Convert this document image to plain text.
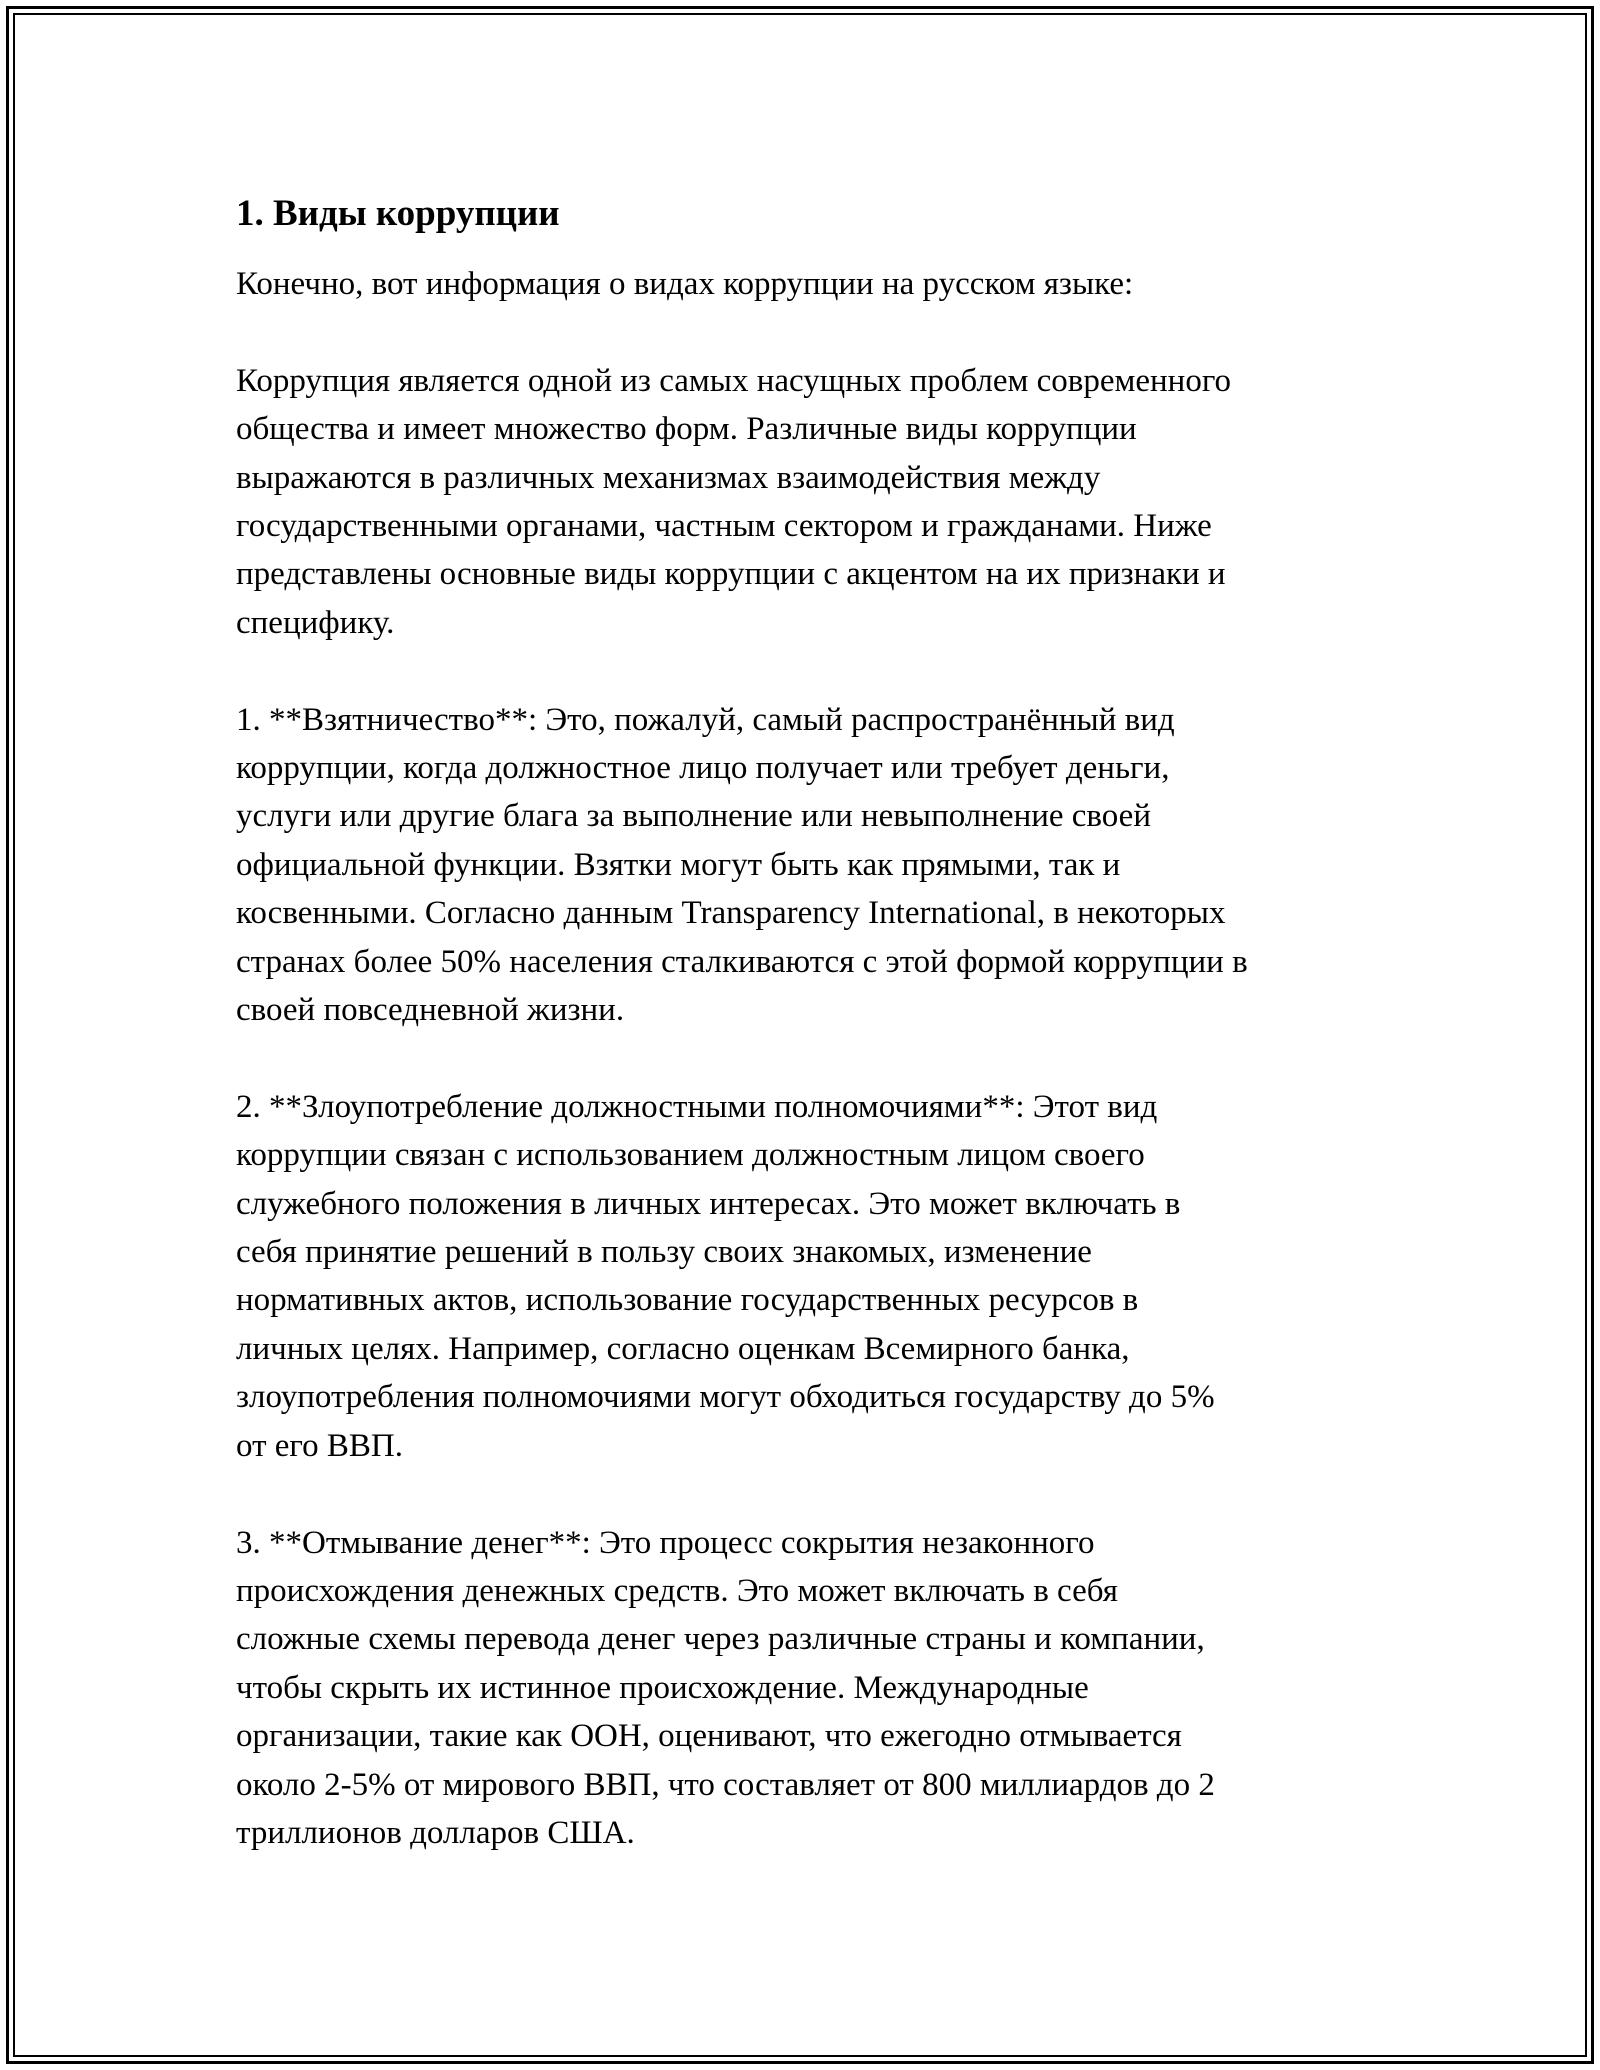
1. Виды коррупции
Конечно, вот информация о видах коррупции на русском языке:
Коррупция является одной из самых насущных проблем современного
общества и имеет множество форм. Различные виды коррупции
выражаются в различных механизмах взаимодействия между
государственными органами, частным сектором и гражданами. Ниже
представлены основные виды коррупции с акцентом на их признаки и
специфику.
1. **Взятничество**: Это, пожалуй, самый распространённый вид
коррупции, когда должностное лицо получает или требует деньги,
услуги или другие блага за выполнение или невыполнение своей
официальной функции. Взятки могут быть как прямыми, так и
косвенными. Согласно данным Transparency International, в некоторых
странах более 50% населения сталкиваются с этой формой коррупции в
своей повседневной жизни.
2. **Злоупотребление должностными полномочиями**: Этот вид
коррупции связан с использованием должностным лицом своего
служебного положения в личных интересах. Это может включать в
себя принятие решений в пользу своих знакомых, изменение
нормативных актов, использование государственных ресурсов в
личных целях. Например, согласно оценкам Всемирного банка,
злоупотребления полномочиями могут обходиться государству до 5%
от его ВВП.
3. **Отмывание денег**: Это процесс сокрытия незаконного
происхождения денежных средств. Это может включать в себя
сложные схемы перевода денег через различные страны и компании,
чтобы скрыть их истинное происхождение. Международные
организации, такие как ООН, оценивают, что ежегодно отмывается
около 2-5% от мирового ВВП, что составляет от 800 миллиардов до 2
триллионов долларов США.
